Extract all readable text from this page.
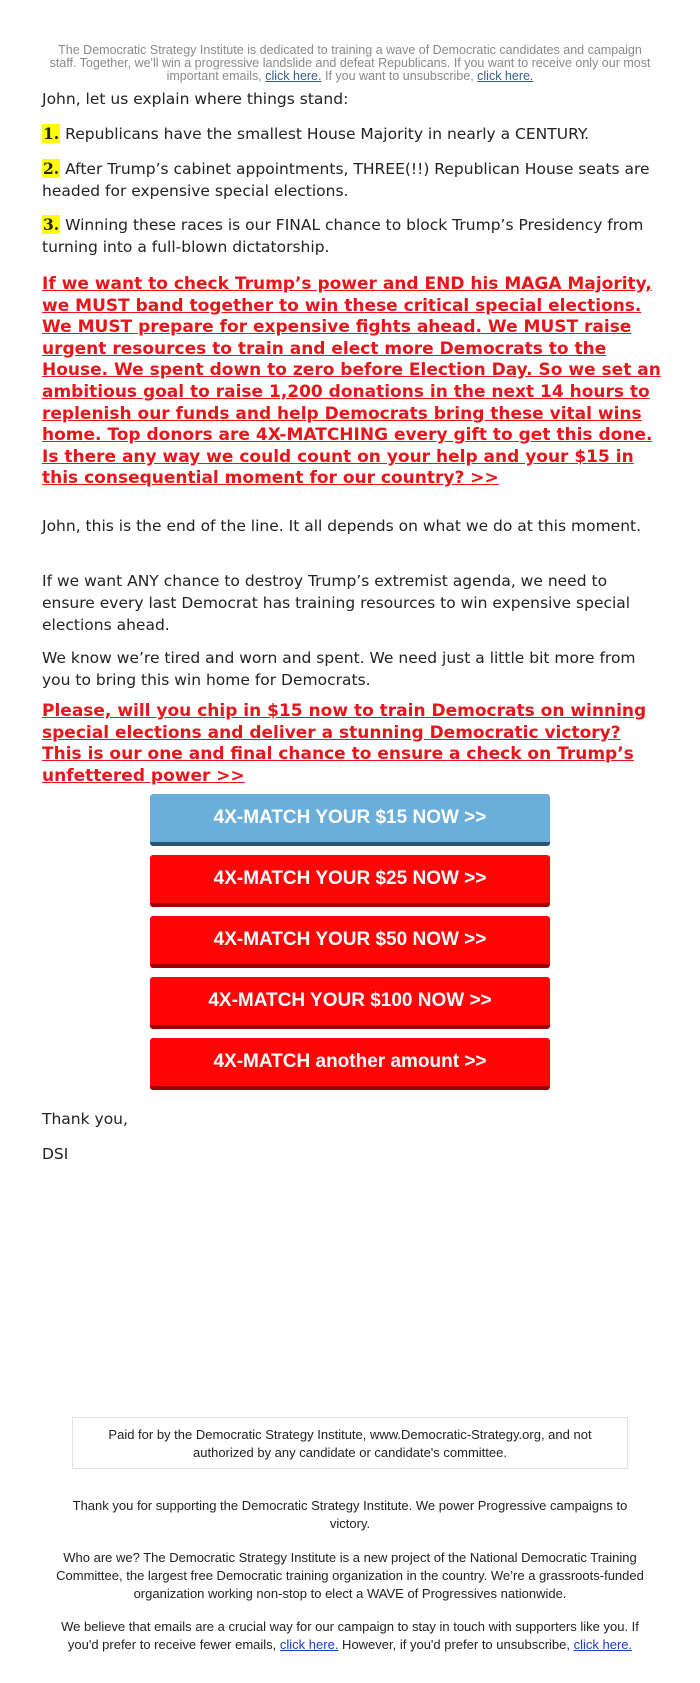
The Democratic Strategy Institute is dedicated to training a wave of Democratic candidates and campaign staff. Together, we'll win a progressive landslide and defeat Republicans. If you want to receive only our most important emails, click here. If you want to unsubscribe, click here.

John, let us explain where things stand:

1. Republicans have the smallest House Majority in nearly a CENTURY.

2. After Trump’s cabinet appointments, THREE(!!) Republican House seats are headed for expensive special elections.

3. Winning these races is our FINAL chance to block Trump’s Presidency from turning into a full-blown dictatorship.

If we want to check Trump’s power and END his MAGA Majority, we MUST band together to win these critical special elections. We MUST prepare for expensive fights ahead. We MUST raise urgent resources to train and elect more Democrats to the House. We spent down to zero before Election Day. So we set an ambitious goal to raise 1,200 donations in the next 14 hours to replenish our funds and help Democrats bring these vital wins home. Top donors are 4X-MATCHING every gift to get this done. Is there any way we could count on your help and your $15 in this consequential moment for our country? >>

John, this is the end of the line. It all depends on what we do at this moment.

If we want ANY chance to destroy Trump’s extremist agenda, we need to ensure every last Democrat has training resources to win expensive special elections ahead.

We know we’re tired and worn and spent. We need just a little bit more from you to bring this win home for Democrats.

Please, will you chip in $15 now to train Democrats on winning special elections and deliver a stunning Democratic victory? This is our one and final chance to ensure a check on Trump’s unfettered power >>
4X-MATCH YOUR $15 NOW >>
4X-MATCH YOUR $25 NOW >>
4X-MATCH YOUR $50 NOW >>
4X-MATCH YOUR $100 NOW >>
4X-MATCH another amount >>

Thank you,

DSI

Paid for by the Democratic Strategy Institute, www.Democratic-Strategy.org, and not authorized by any candidate or candidate's committee.

Thank you for supporting the Democratic Strategy Institute. We power Progressive campaigns to victory.

Who are we? The Democratic Strategy Institute is a new project of the National Democratic Training Committee, the largest free Democratic training organization in the country. We’re a grassroots-funded organization working non-stop to elect a WAVE of Progressives nationwide.

We believe that emails are a crucial way for our campaign to stay in touch with supporters like you. If you'd prefer to receive fewer emails, click here. However, if you'd prefer to unsubscribe, click here.
